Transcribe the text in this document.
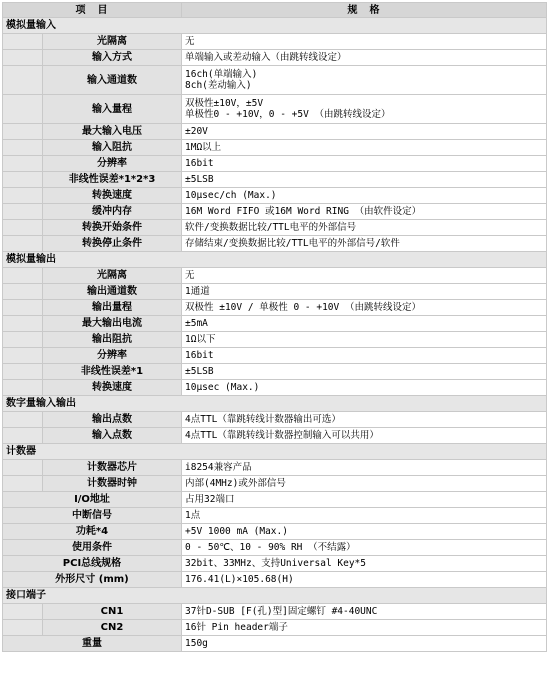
项　目		规　格
模拟量输入		
	光隔离	无

	输入方式	单端输入或差动输入（由跳转线设定）

	输入通道数	16ch(单端输入)
8ch(差动输入)

	输入量程	双极性±10V，±5V
单极性0 - +10V，0 - +5V （由跳转线设定）

	最大输入电压	±20V

	输入阻抗	1MΩ以上

	分辨率	16bit

	非线性误差*1*2*3	±5LSB

	转换速度	10μsec/ch (Max.)

	缓冲内存	16M Word FIFO 或16M Word RING （由软件设定）

	转换开始条件	软件/变换数据比较/TTL电平的外部信号

	转换停止条件	存储结束/变换数据比较/TTL电平的外部信号/软件

模拟量输出		
	光隔离	无

	输出通道数	1通道

	输出量程	双极性 ±10V / 单极性 0 - +10V （由跳转线设定）

	最大输出电流	±5mA

	输出阻抗	1Ω以下

	分辨率	16bit

	非线性误差*1	±5LSB

	转换速度	10μsec (Max.)

数字量输入输出		
	输出点数	4点TTL（靠跳转线计数器输出可选）

	输入点数	4点TTL（靠跳转线计数器控制输入可以共用）

计数器		
	计数器芯片	i8254兼容产品

	计数器时钟	内部(4MHz)或外部信号

I/O地址		占用32端口

中断信号		1点

功耗*4		+5V 1000 mA (Max.)

使用条件		0 - 50℃、10 - 90% RH （不结露）

PCI总线规格		32bit、33MHz、支持Universal Key*5

外形尺寸 (mm)		176.41(L)×105.68(H)

接口端子		
	CN1	37针D-SUB [F(孔)型]固定螺钉 #4-40UNC

	CN2	16针 Pin header端子

重量		150g
